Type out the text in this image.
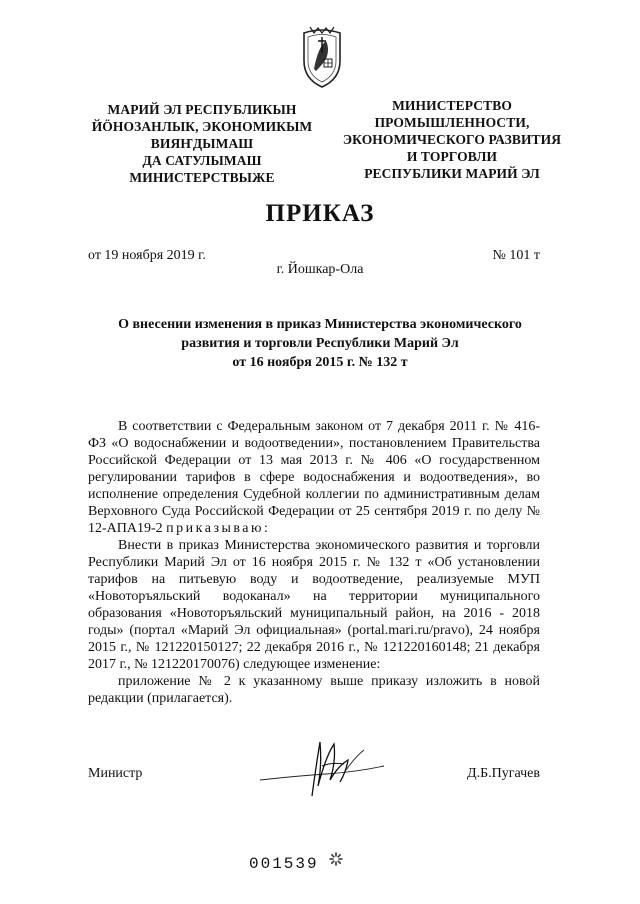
МАРИЙ ЭЛ РЕСПУБЛИКЫН
ЙӦНОЗАНЛЫК, ЭКОНОМИКЫМ
ВИЯҤДЫМАШ
ДА САТУЛЫМАШ
МИНИСТЕРСТВЫЖЕ
МИНИСТЕРСТВО
ПРОМЫШЛЕННОСТИ,
ЭКОНОМИЧЕСКОГО РАЗВИТИЯ
И ТОРГОВЛИ
РЕСПУБЛИКИ МАРИЙ ЭЛ
ПРИКАЗ
от 19 ноября 2019 г.	№ 101 т
г. Йошкар-Ола
О внесении изменения в приказ Министерства экономического
развития и торговли Республики Марий Эл
от 16 ноября 2015 г. № 132 т

В соответствии с Федеральным законом от 7 декабря 2011 г. № 416-ФЗ «О водоснабжении и водоотведении», постановлением Правительства Российской Федерации от 13 мая 2013 г. № 406 «О государственном регулировании тарифов в сфере водоснабжения и водоотведения», во исполнение определения Судебной коллегии по административным делам Верховного Суда Российской Федерации от 25 сентября 2019 г. по делу № 12-АПА19-2 приказываю:

Внести в приказ Министерства экономического развития и торговли Республики Марий Эл от 16 ноября 2015 г. № 132 т «Об установлении тарифов на питьевую воду и водоотведение, реализуемые МУП «Новоторъяльский водоканал» на территории муниципального образования «Новоторъяльский муниципальный район, на 2016 - 2018 годы» (портал «Марий Эл официальная» (portal.mari.ru/pravo), 24 ноября 2015 г., № 121220150127; 22 декабря 2016 г., № 121220160148; 21 декабря 2017 г., № 121220170076) следующее изменение:

приложение № 2 к указанному выше приказу изложить в новой редакции (прилагается).

Министр	Д.Б.Пугачев
001539
